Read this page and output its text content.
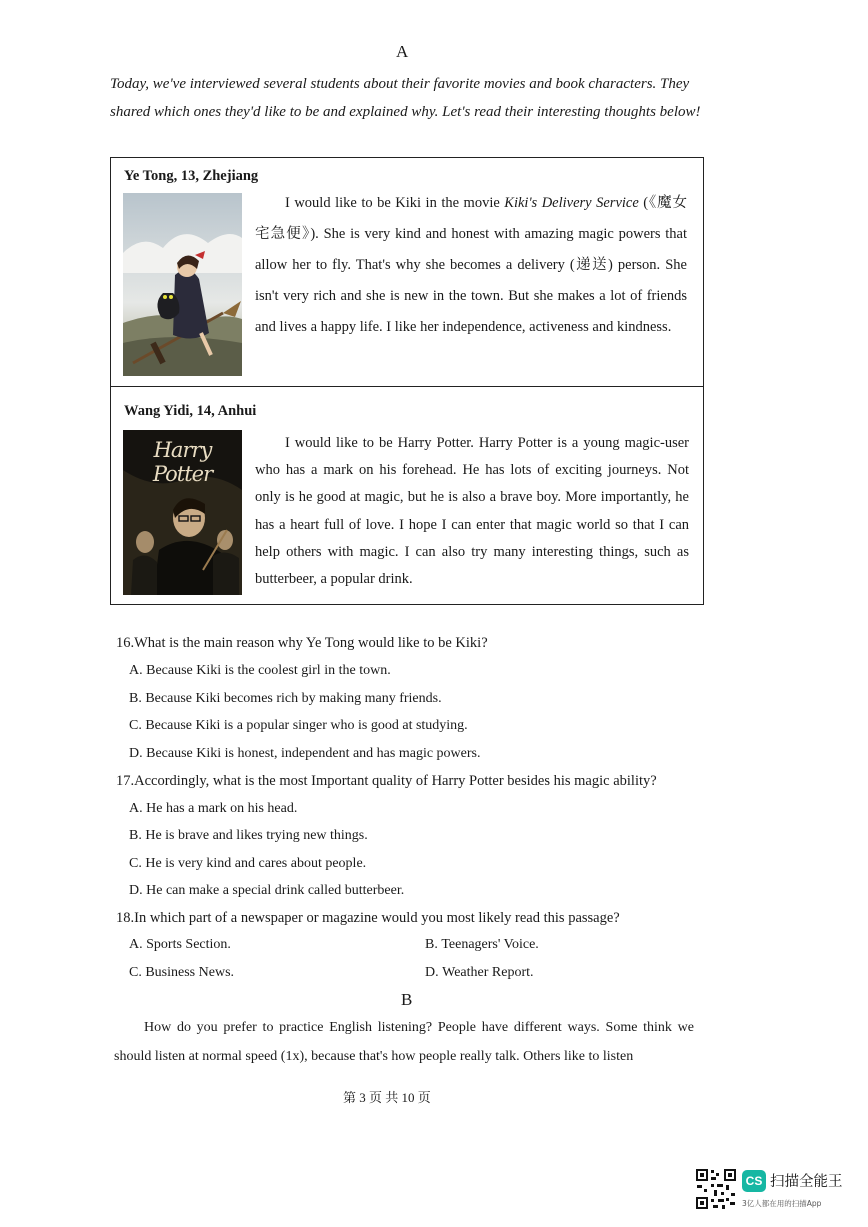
A
Today, we've interviewed several students about their favorite movies and book characters. They shared which ones they'd like to be and explained why. Let's read their interesting thoughts below!
Ye Tong, 13, Zhejiang

I would like to be Kiki in the movie Kiki's Delivery Service (《魔女宅急便》). She is very kind and honest with amazing magic powers that allow her to fly. That's why she becomes a delivery (递送) person. She isn't very rich and she is new in the town. But she makes a lot of friends and lives a happy life. I like her independence, activeness and kindness.

Wang Yidi, 14, Anhui
Harry Potter

I would like to be Harry Potter. Harry Potter is a young magic-user who has a mark on his forehead. He has lots of exciting journeys. Not only is he good at magic, but he is also a brave boy. More importantly, he has a heart full of love. I hope I can enter that magic world so that I can help others with magic. I can also try many interesting things, such as butterbeer, a popular drink.

16.What is the main reason why Ye Tong would like to be Kiki?
A. Because Kiki is the coolest girl in the town.
B. Because Kiki becomes rich by making many friends.
C. Because Kiki is a popular singer who is good at studying.
D. Because Kiki is honest, independent and has magic powers.
17.Accordingly, what is the most Important quality of Harry Potter besides his magic ability?
A. He has a mark on his head.
B. He is brave and likes trying new things.
C. He is very kind and cares about people.
D. He can make a special drink called butterbeer.
18.In which part of a newspaper or magazine would you most likely read this passage?
A. Sports Section.	B. Teenagers' Voice.
C. Business News.	D. Weather Report.
B

How do you prefer to practice English listening? People have different ways. Some think we should listen at normal speed (1x), because that's how people really talk. Others like to listen

第 3 页 共 10 页
CS 扫描全能王
3亿人都在用的扫描App
